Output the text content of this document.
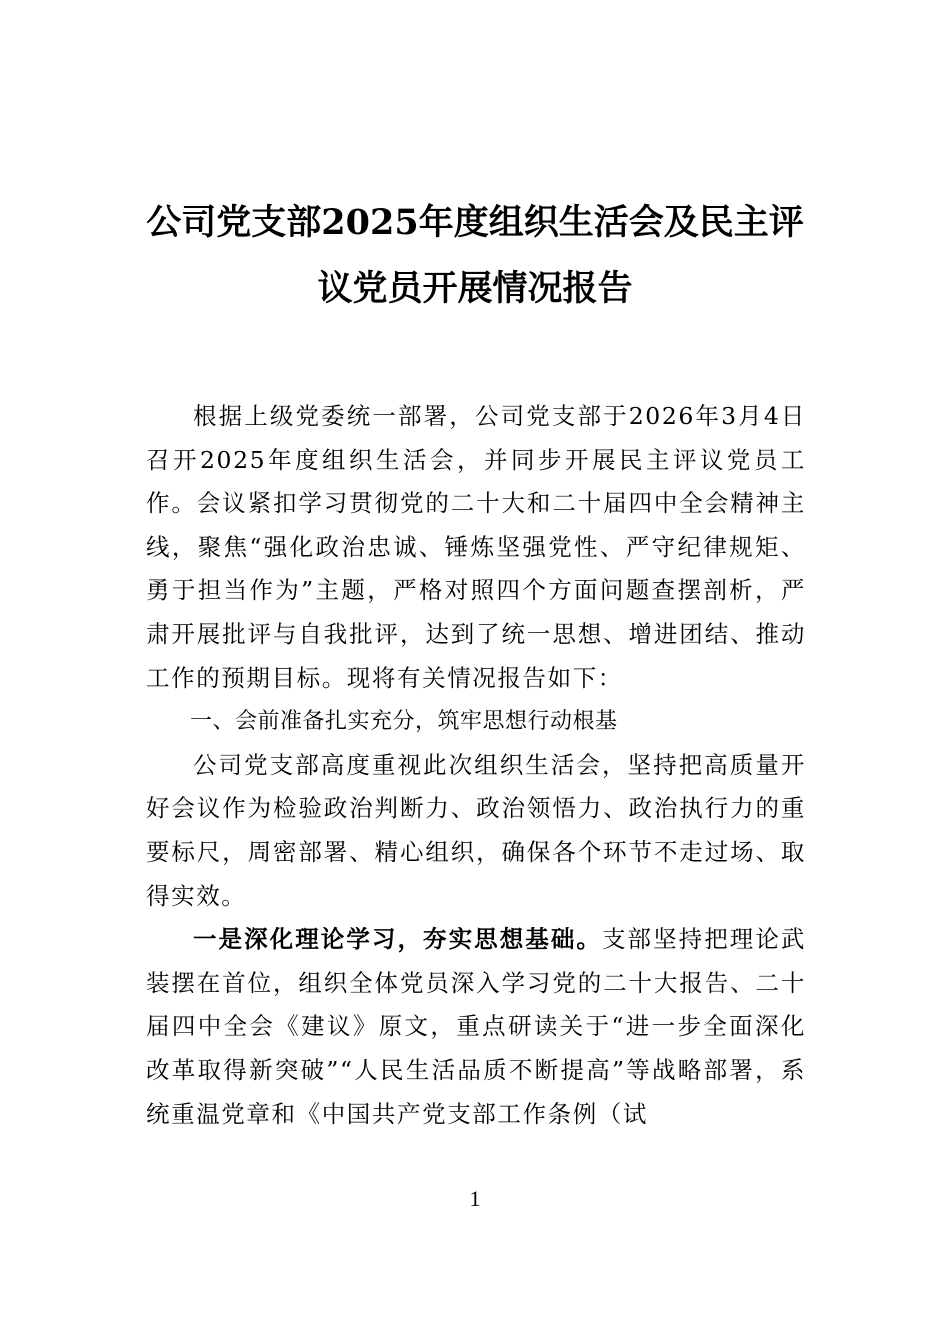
公司党支部2025年度组织生活会及民主评
议党员开展情况报告

根据上级党委统一部署，公司党支部于2026年3月4日召开2025年度组织生活会，并同步开展民主评议党员工作。会议紧扣学习贯彻党的二十大和二十届四中全会精神主线，聚焦“强化政治忠诚、锤炼坚强党性、严守纪律规矩、勇于担当作为”主题，严格对照四个方面问题查摆剖析，严肃开展批评与自我批评，达到了统一思想、增进团结、推动工作的预期目标。现将有关情况报告如下：

一、会前准备扎实充分，筑牢思想行动根基

公司党支部高度重视此次组织生活会，坚持把高质量开好会议作为检验政治判断力、政治领悟力、政治执行力的重要标尺，周密部署、精心组织，确保各个环节不走过场、取得实效。

一是深化理论学习，夯实思想基础。支部坚持把理论武装摆在首位，组织全体党员深入学习党的二十大报告、二十届四中全会《建议》原文，重点研读关于“进一步全面深化改革取得新突破”“人民生活品质不断提高”等战略部署，系统重温党章和《中国共产党支部工作条例（试

1
